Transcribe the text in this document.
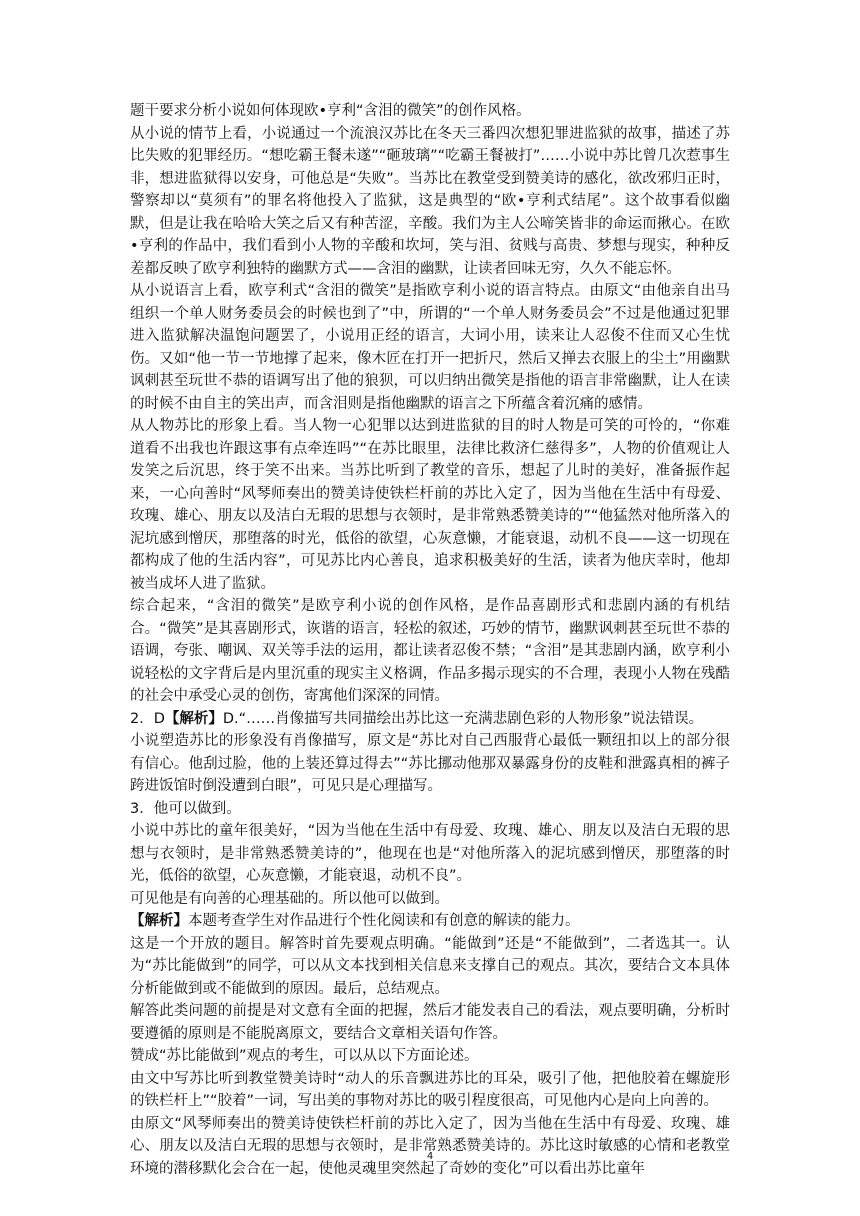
题干要求分析小说如何体现欧•亨利“含泪的微笑”的创作风格。

从小说的情节上看，小说通过一个流浪汉苏比在冬天三番四次想犯罪进监狱的故事，描述了苏比失败的犯罪经历。“想吃霸王餐未遂”“砸玻璃”“吃霸王餐被打”……小说中苏比曾几次惹事生非，想进监狱得以安身，可他总是“失败”。当苏比在教堂受到赞美诗的感化，欲改邪归正时，警察却以“莫须有”的罪名将他投入了监狱，这是典型的“欧•亨利式结尾”。这个故事看似幽默，但是让我在哈哈大笑之后又有种苦涩，辛酸。我们为主人公啼笑皆非的命运而揪心。在欧•亨利的作品中，我们看到小人物的辛酸和坎坷，笑与泪、贫贱与高贵、梦想与现实，种种反差都反映了欧亨利独特的幽默方式——含泪的幽默，让读者回味无穷，久久不能忘怀。

从小说语言上看，欧亨利式“含泪的微笑”是指欧亨利小说的语言特点。由原文“由他亲自出马组织一个单人财务委员会的时候也到了”中，所谓的“一个单人财务委员会”不过是他通过犯罪进入监狱解决温饱问题罢了，小说用正经的语言，大词小用，读来让人忍俊不住而又心生忧伤。又如“他一节一节地撑了起来，像木匠在打开一把折尺，然后又掸去衣服上的尘土”用幽默讽刺甚至玩世不恭的语调写出了他的狼狈，可以归纳出微笑是指他的语言非常幽默，让人在读的时候不由自主的笑出声，而含泪则是指他幽默的语言之下所蕴含着沉痛的感情。

从人物苏比的形象上看。当人物一心犯罪以达到进监狱的目的时人物是可笑的可怜的，“你难道看不出我也许跟这事有点牵连吗”“在苏比眼里，法律比救济仁慈得多”，人物的价值观让人发笑之后沉思，终于笑不出来。当苏比听到了教堂的音乐，想起了儿时的美好，准备振作起来，一心向善时“风琴师奏出的赞美诗使铁栏杆前的苏比入定了，因为当他在生活中有母爱、玫瑰、雄心、朋友以及洁白无瑕的思想与衣领时，是非常熟悉赞美诗的”“他猛然对他所落入的泥坑感到憎厌，那堕落的时光，低俗的欲望，心灰意懒，才能衰退，动机不良——这一切现在都构成了他的生活内容”，可见苏比内心善良，追求积极美好的生活，读者为他庆幸时，他却被当成坏人进了监狱。

综合起来，“含泪的微笑”是欧亨利小说的创作风格，是作品喜剧形式和悲剧内涵的有机结合。“微笑”是其喜剧形式，诙谐的语言，轻松的叙述，巧妙的情节，幽默讽刺甚至玩世不恭的语调，夸张、嘲讽、双关等手法的运用，都让读者忍俊不禁；“含泪”是其悲剧内涵，欧亨利小说轻松的文字背后是内里沉重的现实主义格调，作品多揭示现实的不合理，表现小人物在残酷的社会中承受心灵的创伤，寄寓他们深深的同情。

2．D【解析】D.“……肖像描写共同描绘出苏比这一充满悲剧色彩的人物形象”说法错误。

小说塑造苏比的形象没有肖像描写，原文是“苏比对自己西服背心最低一颗纽扣以上的部分很有信心。他刮过脸，他的上装还算过得去”“苏比挪动他那双暴露身份的皮鞋和泄露真相的裤子跨进饭馆时倒没遭到白眼”，可见只是心理描写。

3．他可以做到。

小说中苏比的童年很美好，“因为当他在生活中有母爱、玫瑰、雄心、朋友以及洁白无瑕的思想与衣领时，是非常熟悉赞美诗的”，他现在也是“对他所落入的泥坑感到憎厌，那堕落的时光，低俗的欲望，心灰意懒，才能衰退，动机不良”。

可见他是有向善的心理基础的。所以他可以做到。

【解析】本题考查学生对作品进行个性化阅读和有创意的解读的能力。

这是一个开放的题目。解答时首先要观点明确。“能做到”还是“不能做到”，二者选其一。认为“苏比能做到”的同学，可以从文本找到相关信息来支撑自己的观点。其次，要结合文本具体分析能做到或不能做到的原因。最后，总结观点。

解答此类问题的前提是对文意有全面的把握，然后才能发表自己的看法，观点要明确，分析时要遵循的原则是不能脱离原文，要结合文章相关语句作答。

赞成“苏比能做到”观点的考生，可以从以下方面论述。

由文中写苏比听到教堂赞美诗时“动人的乐音飘进苏比的耳朵，吸引了他，把他胶着在螺旋形的铁栏杆上”“胶着”一词，写出美的事物对苏比的吸引程度很高，可见他内心是向上向善的。

由原文“风琴师奏出的赞美诗使铁栏杆前的苏比入定了，因为当他在生活中有母爱、玫瑰、雄心、朋友以及洁白无瑕的思想与衣领时，是非常熟悉赞美诗的。苏比这时敏感的心情和老教堂环境的潜移默化会合在一起，使他灵魂里突然起了奇妙的变化”可以看出苏比童年

4
